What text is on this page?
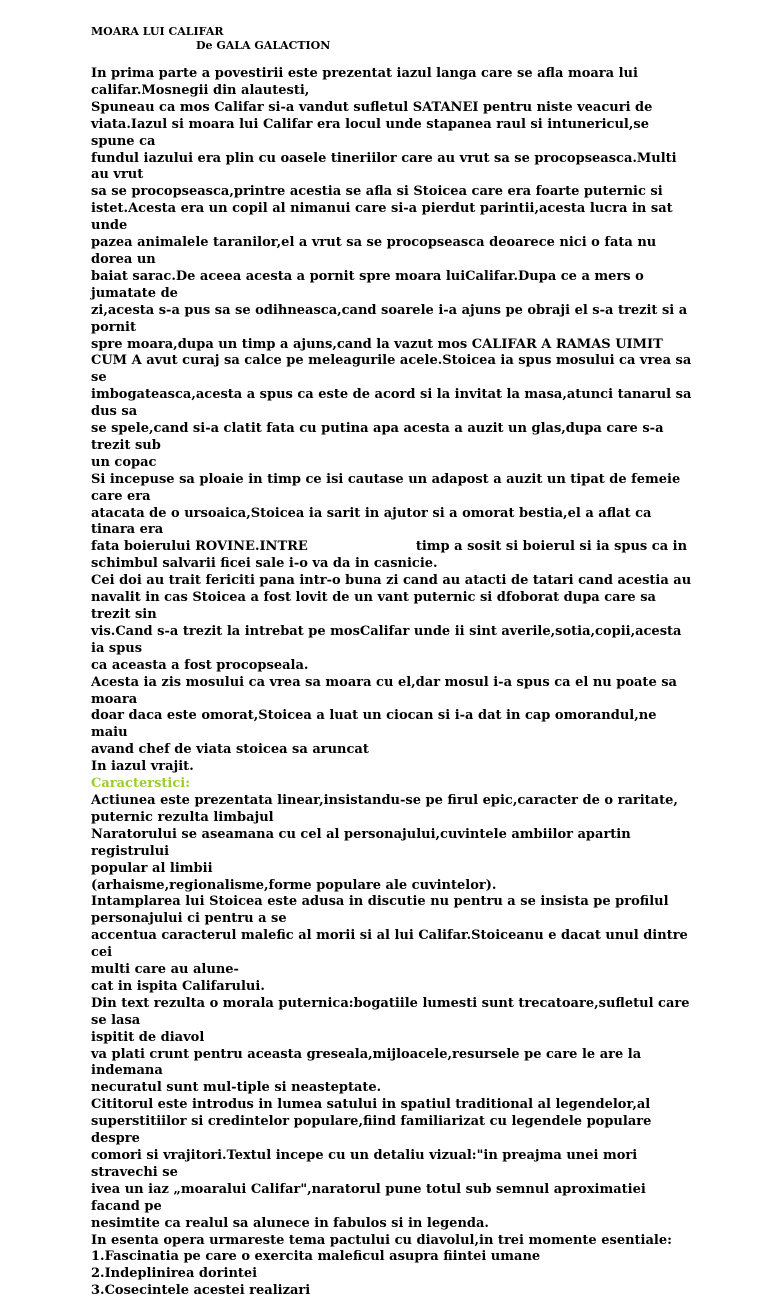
MOARA LUI CALIFAR

De GALA GALACTION

In prima parte a povestirii este prezentat iazul langa care se afla moara lui

califar.Mosnegii din alautesti,

Spuneau ca mos Califar si-a vandut sufletul SATANEI pentru niste veacuri de

viata.Iazul si moara lui Califar era locul unde stapanea raul si intunericul,se spune ca

fundul iazului era plin cu oasele tineriilor care au vrut sa se procopseasca.Multi au vrut

sa se procopseasca,printre acestia se afla si Stoicea care era foarte puternic si

istet.Acesta era un copil al nimanui care si-a pierdut parintii,acesta lucra in sat unde

pazea animalele taranilor,el a vrut sa se procopseasca deoarece nici o fata nu dorea un

baiat sarac.De aceea acesta a pornit spre moara luiCalifar.Dupa ce a mers o jumatate de

zi,acesta s-a pus sa se odihneasca,cand soarele i-a ajuns pe obraji el s-a trezit si a pornit

spre moara,dupa un timp a ajuns,cand la vazut mos CALIFAR A RAMAS UIMIT

CUM A avut curaj sa calce pe meleagurile acele.Stoicea ia spus mosului ca vrea sa se

imbogateasca,acesta a spus ca este de acord si la invitat la masa,atunci tanarul sa dus sa

se spele,cand si-a clatit fata cu putina apa acesta a auzit un glas,dupa care s-a trezit sub

un copac

Si incepuse sa ploaie in timp ce isi cautase un adapost a auzit un tipat de femeie care era

atacata de o ursoaica,Stoicea ia sarit in ajutor si a omorat bestia,el a aflat ca tinara era

fata boierului ROVINE.INTRE	timp a sosit si boierul si ia spus ca in

schimbul salvarii ficei sale i-o va da in casnicie.

Cei doi au trait fericiti pana intr-o buna zi cand au atacti de tatari cand acestia au

navalit in cas Stoicea a fost lovit de un vant puternic si dfoborat dupa care sa trezit sin

vis.Cand s-a trezit la intrebat pe mosCalifar unde ii sint averile,sotia,copii,acesta ia spus

ca aceasta a fost procopseala.

Acesta ia zis mosului ca vrea sa moara cu el,dar mosul i-a spus ca el nu poate sa moara

doar daca este omorat,Stoicea a luat un ciocan si i-a dat in cap omorandul,ne maiu

avand chef de viata stoicea sa aruncat

In iazul vrajit.

Caracterstici:

Actiunea este prezentata linear,insistandu-se pe firul epic,caracter de o raritate,

puternic rezulta limbajul

Naratorului se aseamana cu cel al personajului,cuvintele ambiilor apartin registrului

popular al limbii

(arhaisme,regionalisme,forme populare ale cuvintelor).

Intamplarea lui Stoicea este adusa in discutie nu pentru a se insista pe profilul

personajului ci pentru a se

accentua caracterul malefic al morii si al lui Califar.Stoiceanu e dacat unul dintre cei

multi care au alune-

cat in ispita Califarului.

Din text rezulta o morala puternica:bogatiile lumesti sunt trecatoare,sufletul care se lasa

ispitit de diavol

va plati crunt pentru aceasta greseala,mijloacele,resursele pe care le are la indemana

necuratul sunt mul-tiple si neasteptate.

Cititorul este introdus in lumea satului in spatiul traditional al legendelor,al

superstitiilor si credintelor populare,fiind familiarizat cu legendele populare despre

comori si vrajitori.Textul incepe cu un detaliu vizual:"in preajma unei mori stravechi se

ivea un iaz „moaralui Califar",naratorul pune totul sub semnul aproximatiei facand pe

nesimtite ca realul sa alunece in fabulos si in legenda.

In esenta opera urmareste tema pactului cu diavolul,in trei momente esentiale:

1.Fascinatia pe care o exercita maleficul asupra fiintei umane

2.Indeplinirea dorintei

3.Cosecintele acestei realizari
